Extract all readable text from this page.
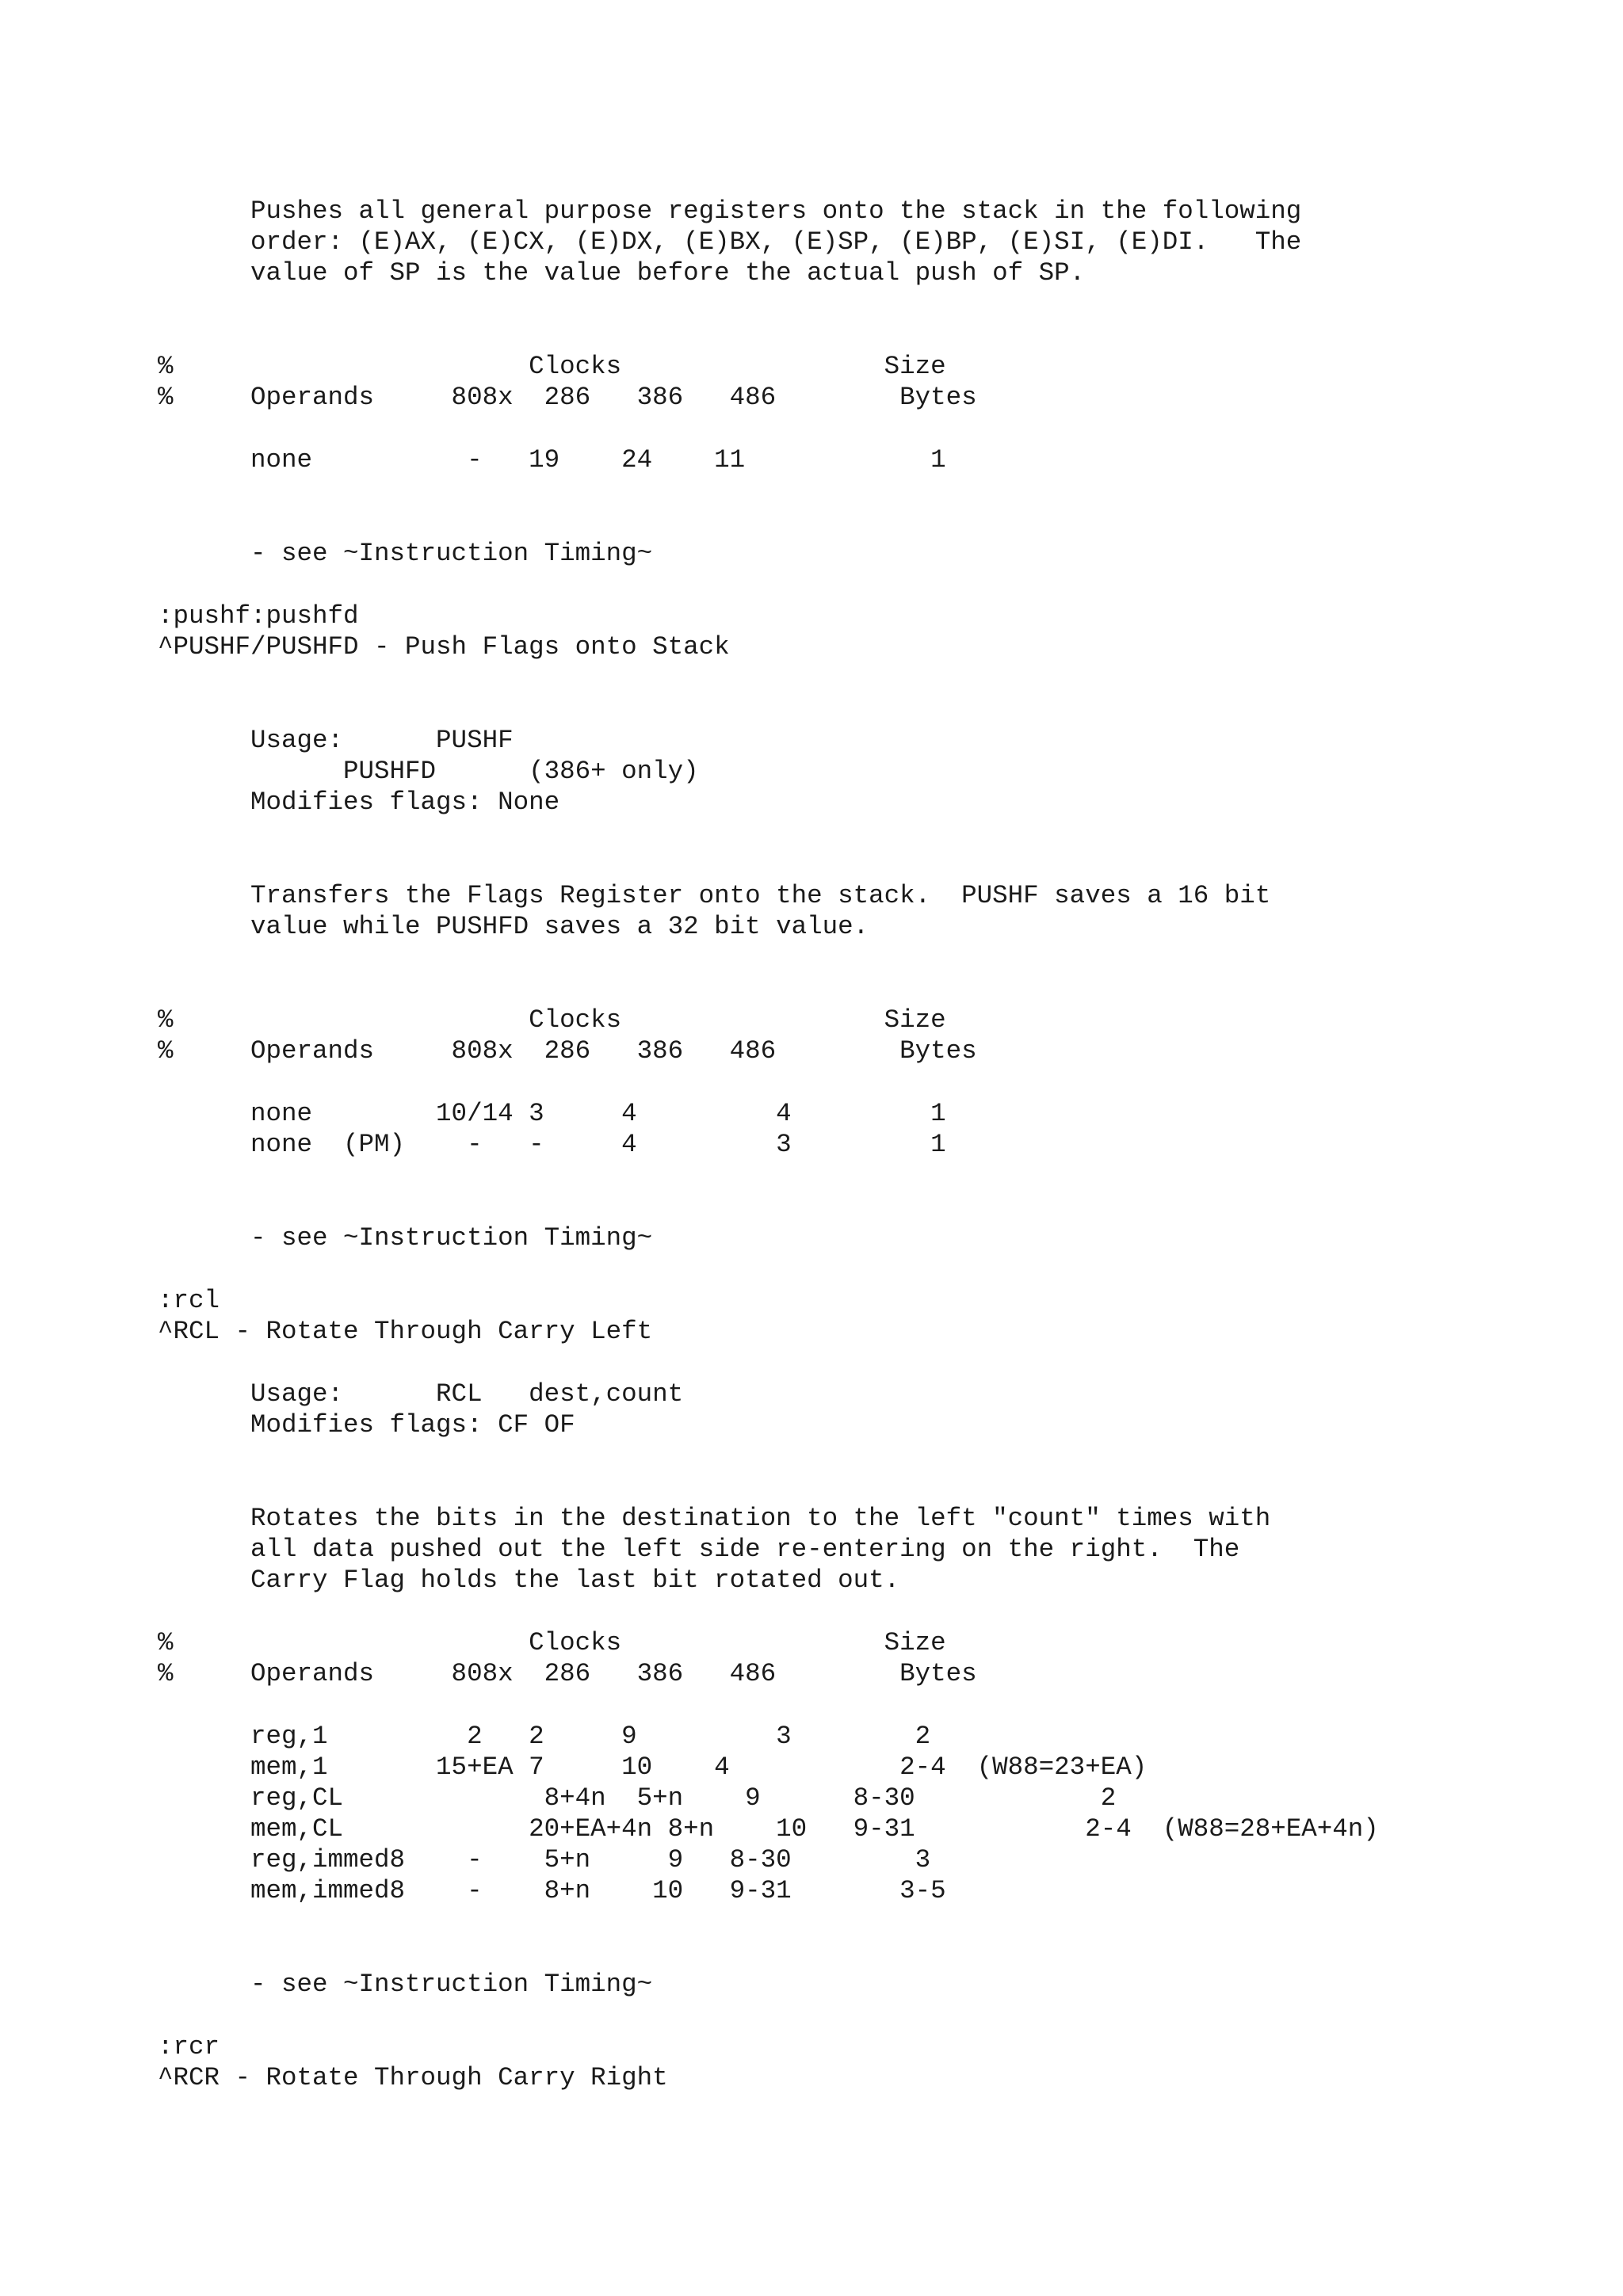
Pushes all general purpose registers onto the stack in the following
order: (E)AX, (E)CX, (E)DX, (E)BX, (E)SP, (E)BP, (E)SI, (E)DI.   The
value of SP is the value before the actual push of SP.
%                       Clocks                 Size
%     Operands     808x  286   386   486        Bytes
none          -   19    24    11            1
- see ~Instruction Timing~
:pushf:pushfd
^PUSHF/PUSHFD - Push Flags onto Stack
Usage:      PUSHF
PUSHFD      (386+ only)
Modifies flags: None
Transfers the Flags Register onto the stack.  PUSHF saves a 16 bit
value while PUSHFD saves a 32 bit value.
%                       Clocks                 Size
%     Operands     808x  286   386   486        Bytes
none        10/14 3     4         4         1
none  (PM)    -   -     4         3         1
- see ~Instruction Timing~
:rcl
^RCL - Rotate Through Carry Left
Usage:      RCL   dest,count
Modifies flags: CF OF
Rotates the bits in the destination to the left "count" times with
all data pushed out the left side re-entering on the right.  The
Carry Flag holds the last bit rotated out.
%                       Clocks                 Size
%     Operands     808x  286   386   486        Bytes
reg,1         2   2     9         3        2
mem,1       15+EA 7     10    4           2-4  (W88=23+EA)
reg,CL             8+4n  5+n    9      8-30            2
mem,CL            20+EA+4n 8+n    10   9-31           2-4  (W88=28+EA+4n)
reg,immed8    -    5+n     9   8-30        3
mem,immed8    -    8+n    10   9-31       3-5
- see ~Instruction Timing~
:rcr
^RCR - Rotate Through Carry Right
